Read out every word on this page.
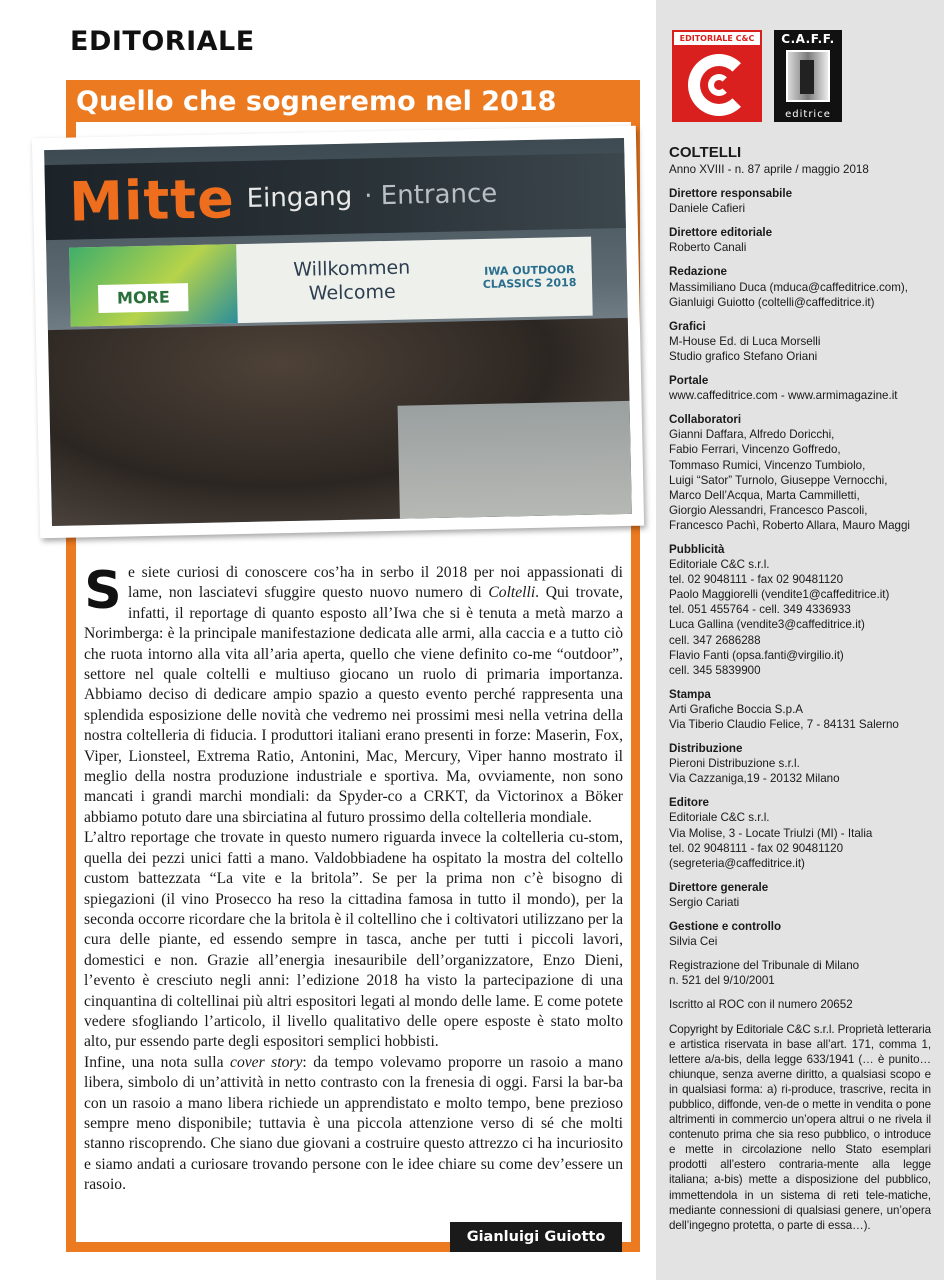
EDITORIALE
Quello che sogneremo nel 2018
Mitte Eingang · Entrance
MORE
Willkommen
Welcome
IWA OUTDOOR CLASSICS 2018

S e siete curiosi di conoscere cos’ha in serbo il 2018 per noi appassionati di lame, non lasciatevi sfuggire questo nuovo numero di Coltelli. Qui trovate, infatti, il reportage di quanto esposto all’Iwa che si è tenuta a metà marzo a Norimberga: è la principale manifestazione dedicata alle armi, alla caccia e a tutto ciò che ruota intorno alla vita all’aria aperta, quello che viene definito co-me “outdoor”, settore nel quale coltelli e multiuso giocano un ruolo di primaria importanza. Abbiamo deciso di dedicare ampio spazio a questo evento perché rappresenta una splendida esposizione delle novità che vedremo nei prossimi mesi nella vetrina della nostra coltelleria di fiducia. I produttori italiani erano presenti in forze: Maserin, Fox, Viper, Lionsteel, Extrema Ratio, Antonini, Mac, Mercury, Viper hanno mostrato il meglio della nostra produzione industriale e sportiva. Ma, ovviamente, non sono mancati i grandi marchi mondiali: da Spyder-co a CRKT, da Victorinox a Böker abbiamo potuto dare una sbirciatina al futuro prossimo della coltelleria mondiale.

L’altro reportage che trovate in questo numero riguarda invece la coltelleria cu-stom, quella dei pezzi unici fatti a mano. Valdobbiadene ha ospitato la mostra del coltello custom battezzata “La vite e la britola”. Se per la prima non c’è bisogno di spiegazioni (il vino Prosecco ha reso la cittadina famosa in tutto il mondo), per la seconda occorre ricordare che la britola è il coltellino che i coltivatori utilizzano per la cura delle piante, ed essendo sempre in tasca, anche per tutti i piccoli lavori, domestici e non. Grazie all’energia inesauribile dell’organizzatore, Enzo Dieni, l’evento è cresciuto negli anni: l’edizione 2018 ha visto la partecipazione di una cinquantina di coltellinai più altri espositori legati al mondo delle lame. E come potete vedere sfogliando l’articolo, il livello qualitativo delle opere esposte è stato molto alto, pur essendo parte degli espositori semplici hobbisti.

Infine, una nota sulla cover story: da tempo volevamo proporre un rasoio a mano libera, simbolo di un’attività in netto contrasto con la frenesia di oggi. Farsi la bar-ba con un rasoio a mano libera richiede un apprendistato e molto tempo, bene prezioso sempre meno disponibile; tuttavia è una piccola attenzione verso di sé che molti stanno riscoprendo. Che siano due giovani a costruire questo attrezzo ci ha incuriosito e siamo andati a curiosare trovando persone con le idee chiare su come dev’essere un rasoio.

Gianluigi Guiotto
EDITORIALE C&C	C.A.F.F.
editrice
COLTELLI
Anno XVIII - n. 87 aprile / maggio 2018
Direttore responsabile
Daniele Cafieri
Direttore editoriale
Roberto Canali
Redazione
Massimiliano Duca (mduca@caffeditrice.com),
Gianluigi Guiotto (coltelli@caffeditrice.it)
Grafici
M-House Ed. di Luca Morselli
Studio grafico Stefano Oriani
Portale
www.caffeditrice.com - www.armimagazine.it
Collaboratori
Gianni Daffara, Alfredo Doricchi,
Fabio Ferrari, Vincenzo Goffredo,
Tommaso Rumici, Vincenzo Tumbiolo,
Luigi “Sator” Turnolo, Giuseppe Vernocchi,
Marco Dell’Acqua, Marta Cammilletti,
Giorgio Alessandri, Francesco Pascoli,
Francesco Pachì, Roberto Allara, Mauro Maggi
Pubblicità
Editoriale C&C s.r.l.
tel. 02 9048111 - fax 02 90481120
Paolo Maggiorelli (vendite1@caffeditrice.it)
tel. 051 455764 - cell. 349 4336933
Luca Gallina (vendite3@caffeditrice.it)
cell. 347 2686288
Flavio Fanti (opsa.fanti@virgilio.it)
cell. 345 5839900
Stampa
Arti Grafiche Boccia S.p.A
Via Tiberio Claudio Felice, 7 - 84131 Salerno
Distribuzione
Pieroni Distribuzione s.r.l.
Via Cazzaniga,19 - 20132 Milano
Editore
Editoriale C&C s.r.l.
Via Molise, 3 - Locate Triulzi (MI) - Italia
tel. 02 9048111 - fax 02 90481120
(segreteria@caffeditrice.it)
Direttore generale
Sergio Cariati
Gestione e controllo
Silvia Cei
Registrazione del Tribunale di Milano
n. 521 del 9/10/2001
Iscritto al ROC con il numero 20652
Copyright by Editoriale C&C s.r.l. Proprietà letteraria e artistica riservata in base all’art. 171, comma 1, lettere a/a-bis, della legge 633/1941 (… è punito… chiunque, senza averne diritto, a qualsiasi scopo e in qualsiasi forma: a) ri-produce, trascrive, recita in pubblico, diffonde, ven-de o mette in vendita o pone altrimenti in commercio un’opera altrui o ne rivela il contenuto prima che sia reso pubblico, o introduce e mette in circolazione nello Stato esemplari prodotti all’estero contraria-mente alla legge italiana; a-bis) mette a disposizione del pubblico, immettendola in un sistema di reti tele-matiche, mediante connessioni di qualsiasi genere, un’opera dell’ingegno protetta, o parte di essa…).
